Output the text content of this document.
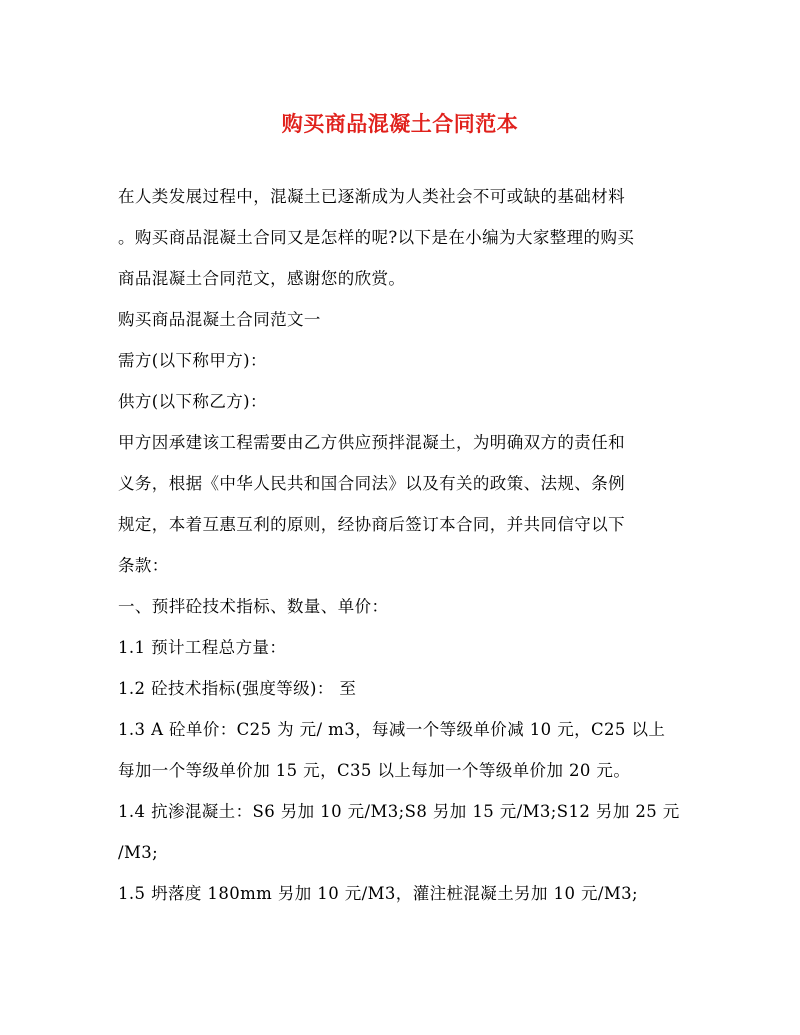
购买商品混凝土合同范本
在人类发展过程中，混凝土已逐渐成为人类社会不可或缺的基础材料
。购买商品混凝土合同又是怎样的呢?以下是在小编为大家整理的购买
商品混凝土合同范文，感谢您的欣赏。
购买商品混凝土合同范文一
需方(以下称甲方)：
供方(以下称乙方)：
甲方因承建该工程需要由乙方供应预拌混凝土，为明确双方的责任和
义务，根据《中华人民共和国合同法》以及有关的政策、法规、条例
规定，本着互惠互利的原则，经协商后签订本合同，并共同信守以下
条款：
一、预拌砼技术指标、数量、单价：
1.1 预计工程总方量：
1.2 砼技术指标(强度等级)： 至
1.3 A 砼单价：C25 为 元/ m3，每减一个等级单价减 10 元，C25 以上
每加一个等级单价加 15 元，C35 以上每加一个等级单价加 20 元。
1.4 抗渗混凝土：S6 另加 10 元/M3;S8 另加 15 元/M3;S12 另加 25 元
/M3;
1.5 坍落度 180mm 另加 10 元/M3，灌注桩混凝土另加 10 元/M3;
